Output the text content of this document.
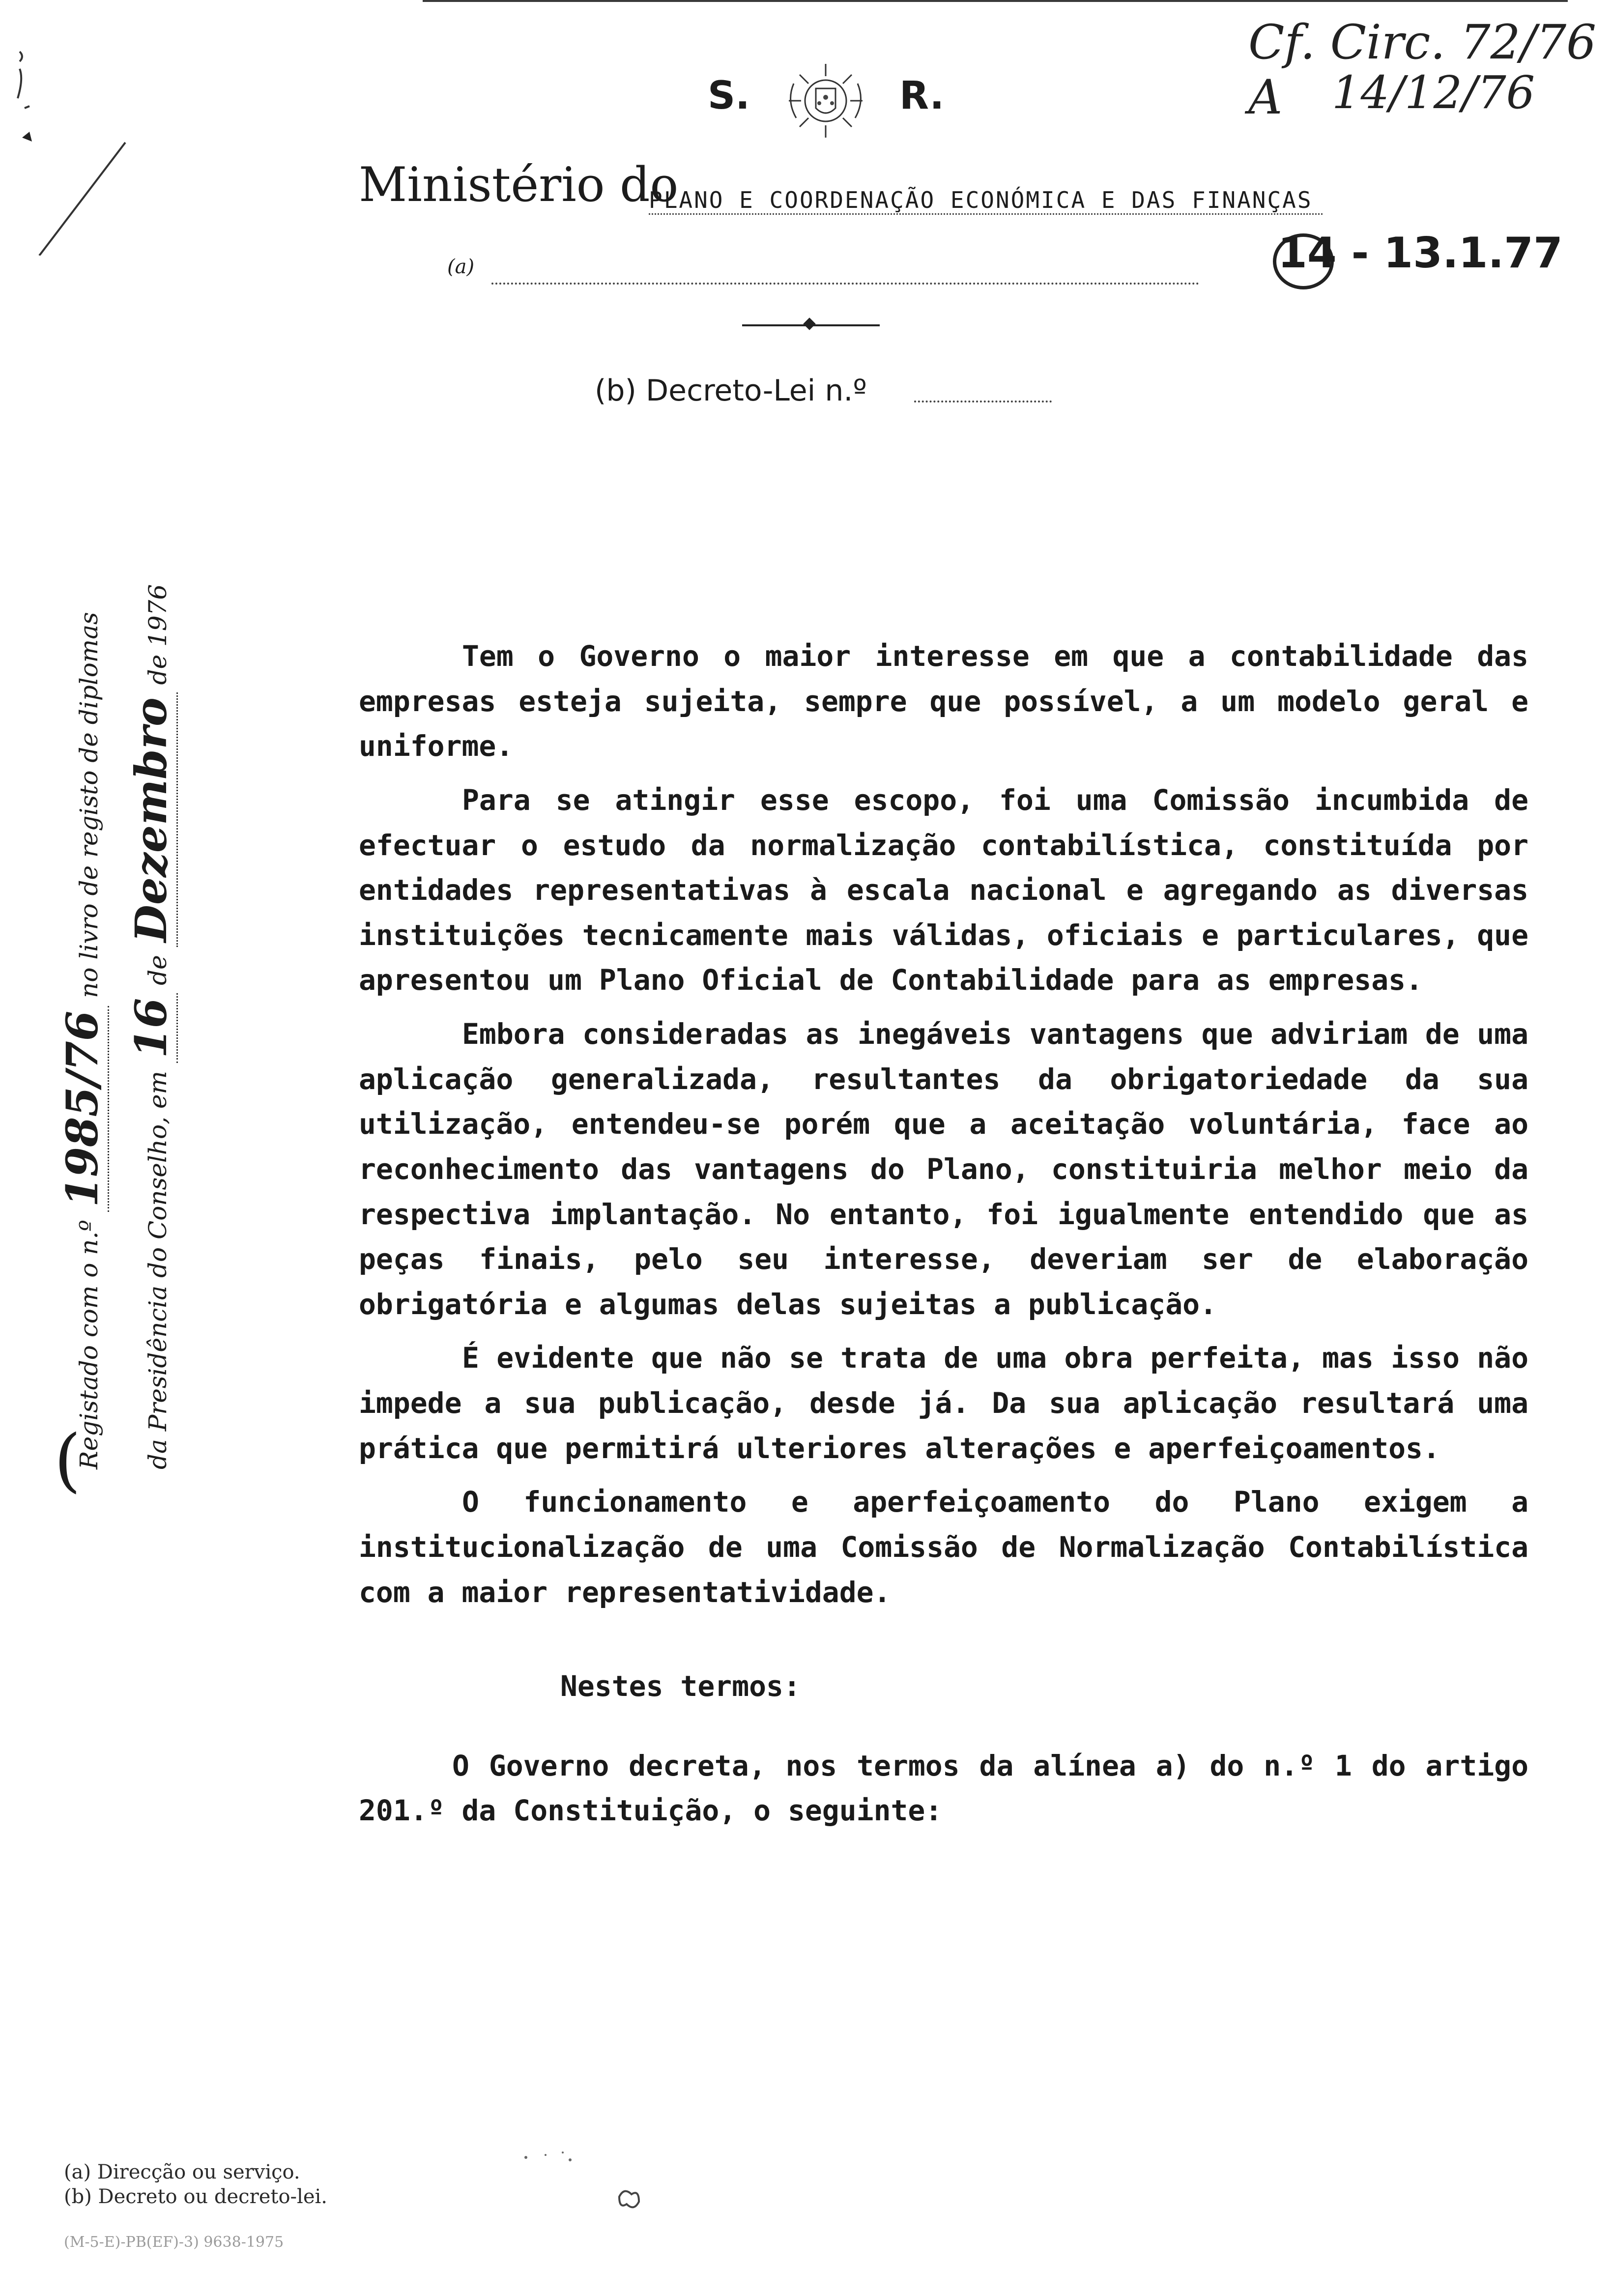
S.	R.
Ministério do
PLANO E COORDENAÇÃO ECONÓMICA E DAS FINANÇAS
(a)
(b) Decreto-Lei n.º
Cf. Circ. 72/76 A	14/12/76
14 - 13.1.77
(
Registado com o n.º 1985/76 no livro de registo de diplomas
da Presidência do Conselho, em 16 de Dezembro de 1976	Tem o Governo o maior interesse em que a contabilidade das empresas esteja sujeita, sempre que possível, a um modelo geral e uniforme.

Para se atingir esse escopo, foi uma Comissão incumbida de efectuar o estudo da normalização contabilística, constituída por entidades representativas à escala nacional e agregando as diversas instituições tecnicamente mais válidas, oficiais e particulares, que apresentou um Plano Oficial de Contabilidade para as empresas.

Embora consideradas as inegáveis vantagens que adviriam de uma aplicação generalizada, resultantes da obrigatoriedade da sua utilização, entendeu-se porém que a aceitação voluntária, face ao reconhecimento das vantagens do Plano, constituiria melhor meio da respectiva implantação. No entanto, foi igualmente entendido que as peças finais, pelo seu interesse, deveriam ser de elaboração obrigatória e algumas delas sujeitas a publicação.

É evidente que não se trata de uma obra perfeita, mas isso não impede a sua publicação, desde já. Da sua aplicação resultará uma prática que permitirá ulteriores alterações e aperfeiçoamentos.

O funcionamento e aperfeiçoamento do Plano exigem a institucionalização de uma Comissão de Normalização Contabilística com a maior representatividade.

Nestes termos:

O Governo decreta, nos termos da alínea a) do n.º 1 do artigo 201.º da Constituição, o seguinte:

(a) Direcção ou serviço.
(b) Decreto ou decreto-lei.
(M-5-E)-PB(EF)-3) 9638-1975
